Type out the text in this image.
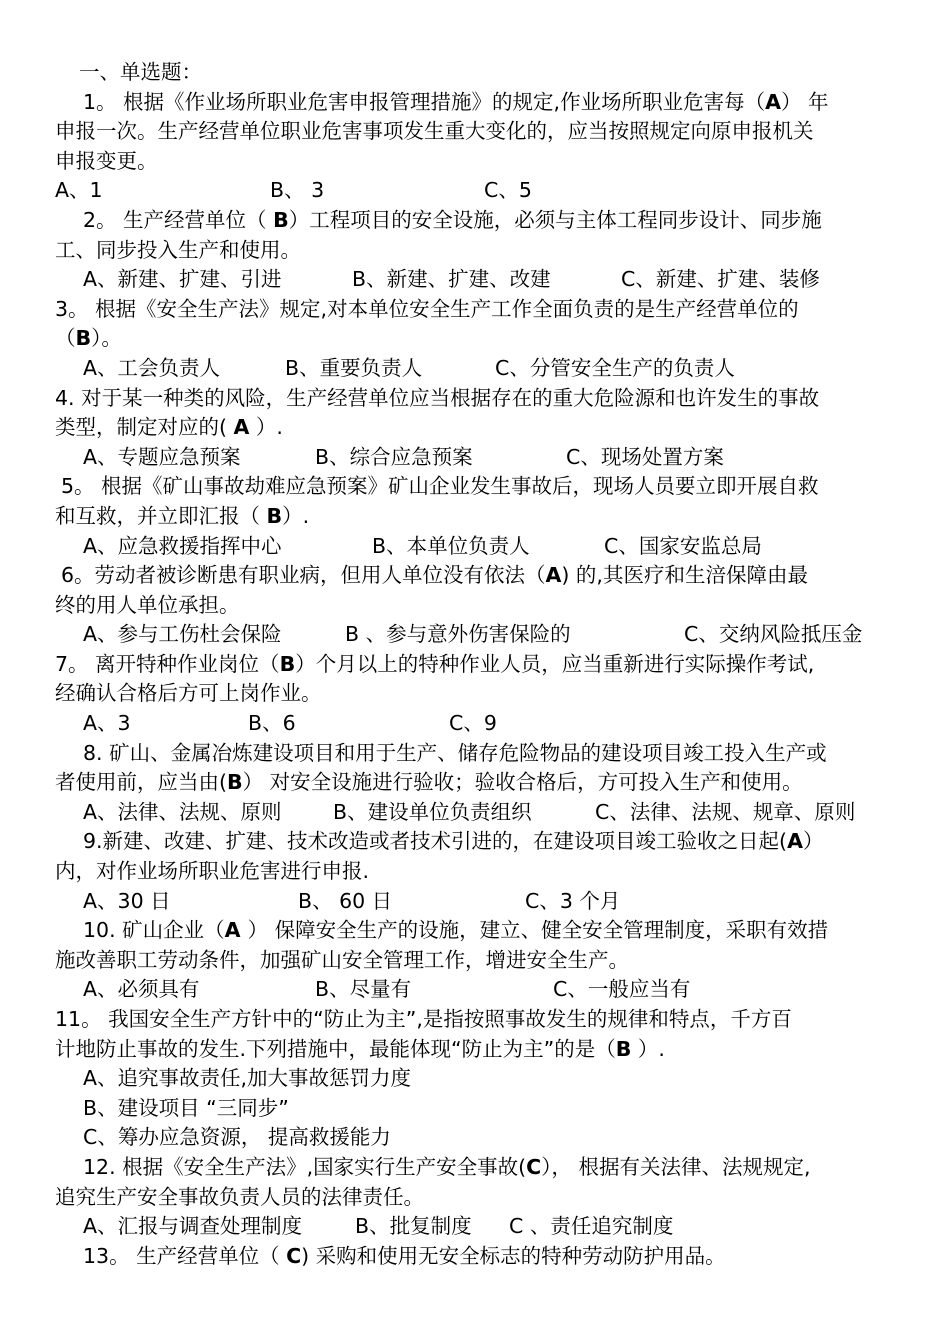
一、单选题：
1。 根据《作业场所职业危害申报管理措施》的规定,作业场所职业危害每（A） 年
申报一次。生产经营单位职业危害事项发生重大变化的，应当按照规定向原申报机关
申报变更。
A、1	B、 3	C、5
2。 生产经营单位（ B）工程项目的安全设施，必须与主体工程同步设计、同步施
工、同步投入生产和使用。
A、新建、扩建、引进	B、新建、扩建、改建	C、新建、扩建、装修
3。 根据《安全生产法》规定,对本单位安全生产工作全面负责的是生产经营单位的
（B）。
A、工会负责人	B、重要负责人	C、分管安全生产的负责人
4. 对于某一种类的风险，生产经营单位应当根据存在的重大危险源和也许发生的事故
类型，制定对应的( A ）.
A、专题应急预案	B、综合应急预案	C、现场处置方案
5。 根据《矿山事故劫难应急预案》矿山企业发生事故后，现场人员要立即开展自救
和互救，并立即汇报（ B）.
A、应急救援指挥中心	B、本单位负责人	C、国家安监总局
6。劳动者被诊断患有职业病，但用人单位没有依法（A) 的,其医疗和生涪保障由最
终的用人单位承担。
A、参与工伤杜会保险	B 、参与意外伤害保险的	C、交纳风险抵压金
7。 离开特种作业岗位（B）个月以上的特种作业人员，应当重新进行实际操作考试,
经确认合格后方可上岗作业。
A、3	B、6	C、9
8. 矿山、金属冶炼建设项目和用于生产、储存危险物品的建设项目竣工投入生产或
者使用前，应当由(B） 对安全设施进行验收；验收合格后，方可投入生产和使用。
A、法律、法规、原则	B、建设单位负责组织	C、法律、法规、规章、原则
9.新建、改建、扩建、技术改造或者技术引进的，在建设项目竣工验收之日起(A）
内，对作业场所职业危害进行申报.
A、30 日	B、 60 日	C、3 个月
10. 矿山企业（A ） 保障安全生产的设施，建立、健全安全管理制度，采职有效措
施改善职工劳动条件，加强矿山安全管理工作，增进安全生产。
A、必须具有	B、尽量有	C、一般应当有
11。 我国安全生产方针中的“防止为主”,是指按照事故发生的规律和特点，千方百
计地防止事故的发生.下列措施中，最能体现“防止为主”的是（B ）.
A、追究事故责任,加大事故惩罚力度
B、建设项目 “三同步”
C、筹办应急资源， 提高救援能力
12. 根据《安全生产法》,国家实行生产安全事故(C）， 根据有关法律、法规规定,
追究生产安全事故负责人员的法律责任。
A、汇报与调查处理制度	B、批复制度 C 、责任追究制度
13。 生产经营单位（ C) 采购和使用无安全标志的特种劳动防护用品。
